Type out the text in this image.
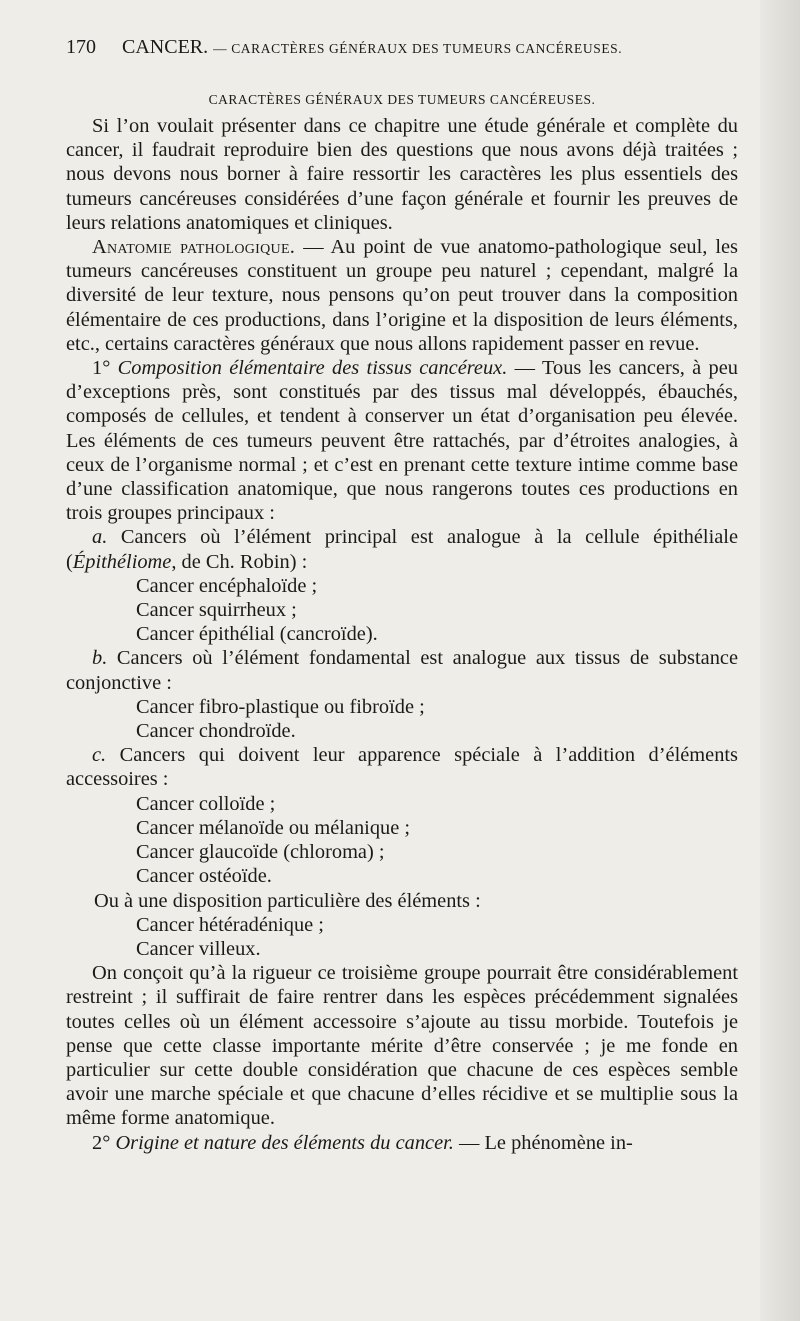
170 CANCER. — CARACTÈRES GÉNÉRAUX DES TUMEURS CANCÉREUSES.
CARACTÈRES GÉNÉRAUX DES TUMEURS CANCÉREUSES.

Si l’on voulait présenter dans ce chapitre une étude générale et complète du cancer, il faudrait reproduire bien des questions que nous avons déjà traitées ; nous devons nous borner à faire ressortir les caractères les plus essentiels des tumeurs cancéreuses considérées d’une façon générale et fournir les preuves de leurs relations anatomiques et cliniques.

Anatomie pathologique. — Au point de vue anatomo-pathologique seul, les tumeurs cancéreuses constituent un groupe peu naturel ; cependant, malgré la diversité de leur texture, nous pensons qu’on peut trouver dans la composition élémentaire de ces productions, dans l’origine et la disposition de leurs éléments, etc., certains caractères généraux que nous allons rapidement passer en revue.

1° Composition élémentaire des tissus cancéreux. — Tous les cancers, à peu d’exceptions près, sont constitués par des tissus mal développés, ébauchés, composés de cellules, et tendent à conserver un état d’organisation peu élevée. Les éléments de ces tumeurs peuvent être rattachés, par d’étroites analogies, à ceux de l’organisme normal ; et c’est en prenant cette texture intime comme base d’une classification anatomique, que nous rangerons toutes ces productions en trois groupes principaux :

a. Cancers où l’élément principal est analogue à la cellule épithéliale (Épithéliome, de Ch. Robin) :

Cancer encéphaloïde ;

Cancer squirrheux ;

Cancer épithélial (cancroïde).

b. Cancers où l’élément fondamental est analogue aux tissus de substance conjonctive :

Cancer fibro-plastique ou fibroïde ;

Cancer chondroïde.

c. Cancers qui doivent leur apparence spéciale à l’addition d’éléments accessoires :

Cancer colloïde ;

Cancer mélanoïde ou mélanique ;

Cancer glaucoïde (chloroma) ;

Cancer ostéoïde.

Ou à une disposition particulière des éléments :

Cancer hétéradénique ;

Cancer villeux.

On conçoit qu’à la rigueur ce troisième groupe pourrait être considérablement restreint ; il suffirait de faire rentrer dans les espèces précédemment signalées toutes celles où un élément accessoire s’ajoute au tissu morbide. Toutefois je pense que cette classe importante mérite d’être conservée ; je me fonde en particulier sur cette double considération que chacune de ces espèces semble avoir une marche spéciale et que chacune d’elles récidive et se multiplie sous la même forme anatomique.

2° Origine et nature des éléments du cancer. — Le phénomène in-
